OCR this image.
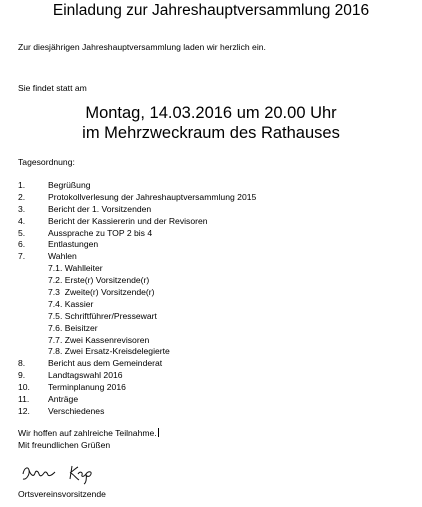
Einladung zur Jahreshauptversammlung 2016
Zur diesjährigen Jahreshauptversammlung laden wir herzlich ein.
Sie findet statt am
Montag, 14.03.2016 um 20.00 Uhr
im Mehrzweckraum des Rathauses
Tagesordnung:
1.	Begrüßung
2.	Protokollverlesung der Jahreshauptversammlung 2015
3.	Bericht der 1. Vorsitzenden
4.	Bericht der Kassiererin und der Revisoren
5.	Aussprache zu TOP 2 bis 4
6.	Entlastungen
7.	Wahlen
7.1. Wahlleiter
7.2. Erste(r) Vorsitzende(r)
7.3  Zweite(r) Vorsitzende(r)
7.4. Kassier
7.5. Schriftführer/Pressewart
7.6. Beisitzer
7.7. Zwei Kassenrevisoren
7.8. Zwei Ersatz-Kreisdelegierte
8.	Bericht aus dem Gemeinderat
9.	Landtagswahl 2016
10. Terminplanung 2016
11. Anträge
12. Verschiedenes
Wir hoffen auf zahlreiche Teilnahme.
Mit freundlichen Grüßen
Ortsvereinsvorsitzende
